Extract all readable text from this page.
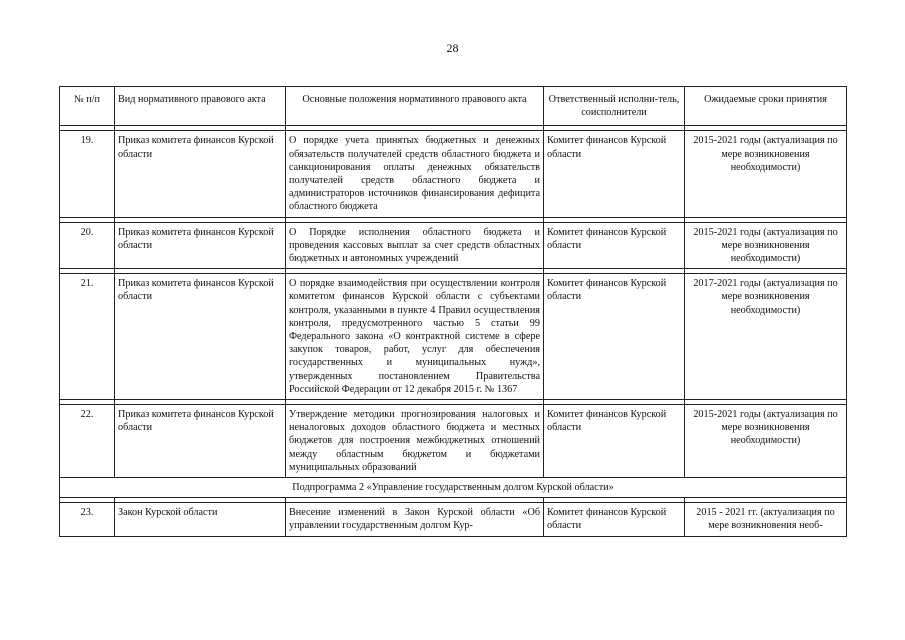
28
№ п/п	Вид нормативного правового акта	Основные положения нормативного правового акта	Ответственный исполни-тель, соисполнители	Ожидаемые сроки принятия

19.	Приказ комитета финансов Курской области	О порядке учета принятых бюджетных и денежных обязательств получателей средств областного бюджета и санкционирования оплаты денежных обязательств получателей средств областного бюджета и администраторов источников финансирования дефицита областного бюджета	Комитет финансов Курской области	2015-2021 годы (актуализация по мере возникновения необходимости)

20.	Приказ комитета финансов Курской области	О Порядке исполнения областного бюджета и проведения кассовых выплат за счет средств областных бюджетных и автономных учреждений	Комитет финансов Курской области	2015-2021 годы (актуализация по мере возникновения необходимости)

21.	Приказ комитета финансов Курской области	О порядке взаимодействия при осуществлении контроля комитетом финансов Курской области с субъектами контроля, указанными в пункте 4 Правил осуществления контроля, предусмотренного частью 5 статьи 99 Федерального закона «О контрактной системе в сфере закупок товаров, работ, услуг для обеспечения государственных и муниципальных нужд», утвержденных постановлением Правительства Российской Федерации от 12 декабря 2015 г. № 1367	Комитет финансов Курской области	2017-2021 годы (актуализация по мере возникновения необходимости)

22.	Приказ комитета финансов Курской области	Утверждение методики прогнозирования налоговых и неналоговых доходов областного бюджета и местных бюджетов для построения межбюджетных отношений между областным бюджетом и бюджетами муниципальных образований	Комитет финансов Курской области	2015-2021 годы (актуализация по мере возникновения необходимости)
Подпрограмма 2 «Управление государственным долгом Курской области»				

23.	Закон Курской области	Внесение изменений в Закон Курской области «Об управлении государственным долгом Кур-	Комитет финансов Курской области	2015 - 2021 гг. (актуализация по мере возникновения необ-
